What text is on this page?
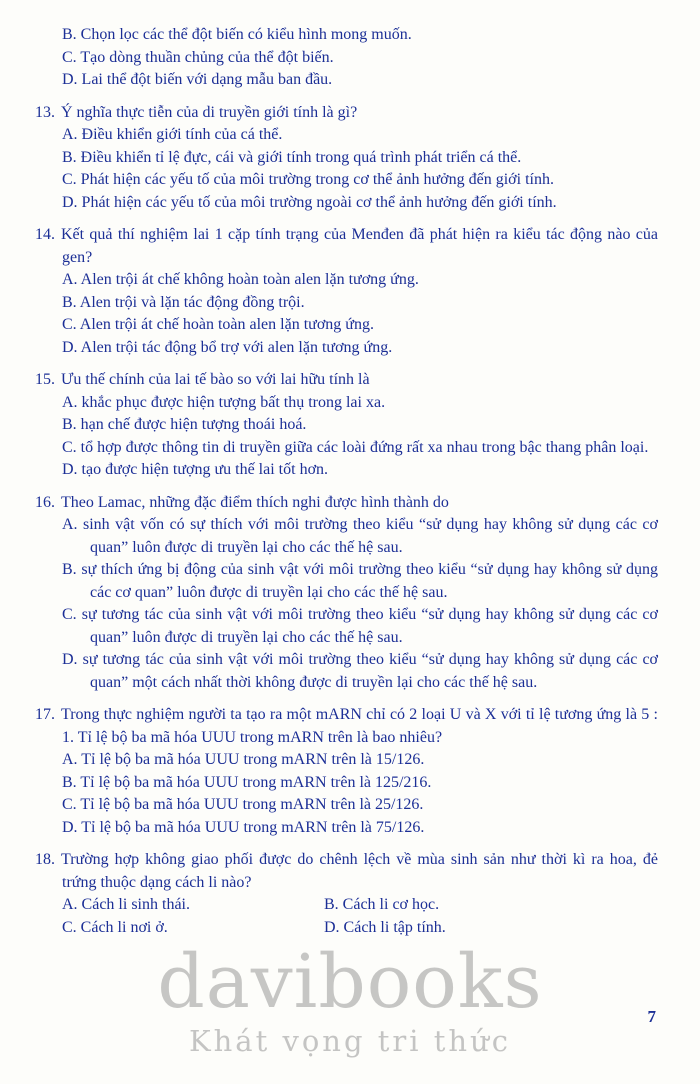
B. Chọn lọc các thể đột biến có kiểu hình mong muốn.
C. Tạo dòng thuần chủng của thể đột biến.
D. Lai thể đột biến với dạng mẫu ban đầu.
13. Ý nghĩa thực tiễn của di truyền giới tính là gì?
A. Điều khiển giới tính của cá thể.
B. Điều khiển tỉ lệ đực, cái và giới tính trong quá trình phát triển cá thể.
C. Phát hiện các yếu tố của môi trường trong cơ thể ảnh hưởng đến giới tính.
D. Phát hiện các yếu tố của môi trường ngoài cơ thể ảnh hưởng đến giới tính.
14. Kết quả thí nghiệm lai 1 cặp tính trạng của Menđen đã phát hiện ra kiểu tác động nào của gen?
A. Alen trội át chế không hoàn toàn alen lặn tương ứng.
B. Alen trội và lặn tác động đồng trội.
C. Alen trội át chế hoàn toàn alen lặn tương ứng.
D. Alen trội tác động bổ trợ với alen lặn tương ứng.
15. Ưu thế chính của lai tế bào so với lai hữu tính là
A. khắc phục được hiện tượng bất thụ trong lai xa.
B. hạn chế được hiện tượng thoái hoá.
C. tổ hợp được thông tin di truyền giữa các loài đứng rất xa nhau trong bậc thang phân loại.
D. tạo được hiện tượng ưu thế lai tốt hơn.
16. Theo Lamac, những đặc điểm thích nghi được hình thành do
A. sinh vật vốn có sự thích với môi trường theo kiểu “sử dụng hay không sử dụng các cơ quan” luôn được di truyền lại cho các thế hệ sau.
B. sự thích ứng bị động của sinh vật với môi trường theo kiểu “sử dụng hay không sử dụng các cơ quan” luôn được di truyền lại cho các thế hệ sau.
C. sự tương tác của sinh vật với môi trường theo kiểu “sử dụng hay không sử dụng các cơ quan” luôn được di truyền lại cho các thế hệ sau.
D. sự tương tác của sinh vật với môi trường theo kiểu “sử dụng hay không sử dụng các cơ quan” một cách nhất thời không được di truyền lại cho các thế hệ sau.
17. Trong thực nghiệm người ta tạo ra một mARN chỉ có 2 loại U và X với tỉ lệ tương ứng là 5 : 1. Tỉ lệ bộ ba mã hóa UUU trong mARN trên là bao nhiêu?
A. Tỉ lệ bộ ba mã hóa UUU trong mARN trên là 15/126.
B. Tỉ lệ bộ ba mã hóa UUU trong mARN trên là 125/216.
C. Tỉ lệ bộ ba mã hóa UUU trong mARN trên là 25/126.
D. Tỉ lệ bộ ba mã hóa UUU trong mARN trên là 75/126.
18. Trường hợp không giao phối được do chênh lệch về mùa sinh sản như thời kì ra hoa, đẻ trứng thuộc dạng cách li nào?
A. Cách li sinh thái.	B. Cách li cơ học.
C. Cách li nơi ở.	D. Cách li tập tính.
davibooks
Khát vọng tri thức
7
